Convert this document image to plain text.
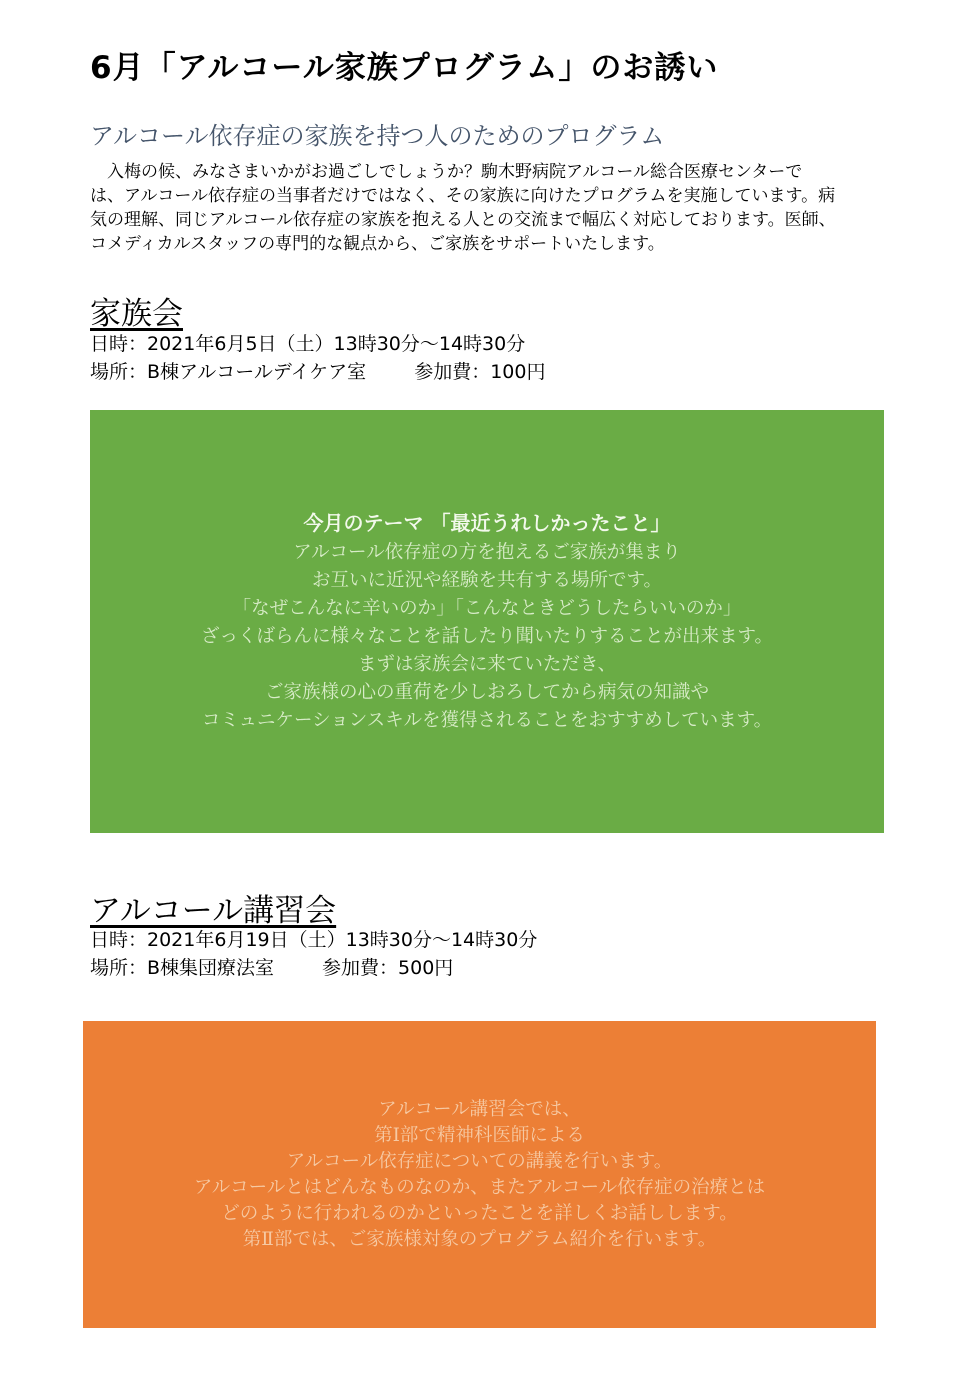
6月「アルコール家族プログラム」のお誘い
アルコール依存症の家族を持つ人のためのプログラム

　入梅の候、みなさまいかがお過ごしでしょうか？駒木野病院アルコール総合医療センターで
は、アルコール依存症の当事者だけではなく、その家族に向けたプログラムを実施しています。病
気の理解、同じアルコール依存症の家族を抱える人との交流まで幅広く対応しております。医師、
コメディカルスタッフの専門的な観点から、ご家族をサポートいたします。

家族会
日時：2021年6月5日（土）13時30分〜14時30分
場所：B棟アルコールデイケア室	参加費：100円
今月のテーマ 「最近うれしかったこと」
アルコール依存症の方を抱えるご家族が集まり
お互いに近況や経験を共有する場所です。
「なぜこんなに辛いのか」「こんなときどうしたらいいのか」
ざっくばらんに様々なことを話したり聞いたりすることが出来ます。
まずは家族会に来ていただき、
ご家族様の心の重荷を少しおろしてから病気の知識や
コミュニケーションスキルを獲得されることをおすすめしています。
アルコール講習会
日時：2021年6月19日（土）13時30分〜14時30分
場所：B棟集団療法室	参加費：500円
アルコール講習会では、
第Ⅰ部で精神科医師による
アルコール依存症についての講義を行います。
アルコールとはどんなものなのか、またアルコール依存症の治療とは
どのように行われるのかといったことを詳しくお話しします。
第Ⅱ部では、ご家族様対象のプログラム紹介を行います。
